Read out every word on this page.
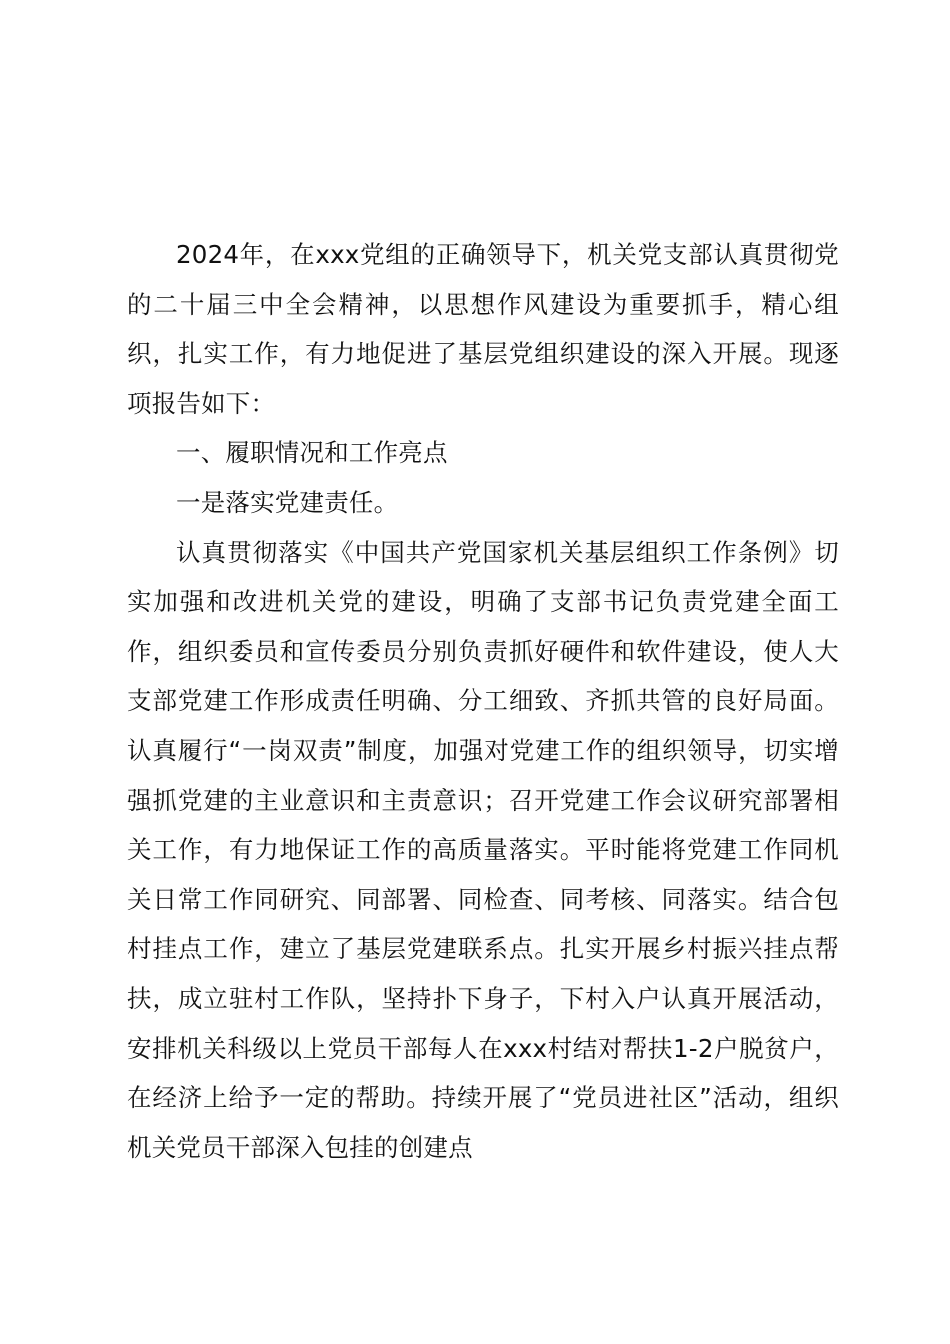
2024年，在xxx党组的正确领导下，机关党支部认真贯彻党的二十届三中全会精神，以思想作风建设为重要抓手，精心组织，扎实工作，有力地促进了基层党组织建设的深入开展。现逐项报告如下：

一、履职情况和工作亮点

一是落实党建责任。

认真贯彻落实《中国共产党国家机关基层组织工作条例》切实加强和改进机关党的建设，明确了支部书记负责党建全面工作，组织委员和宣传委员分别负责抓好硬件和软件建设，使人大支部党建工作形成责任明确、分工细致、齐抓共管的良好局面。认真履行“一岗双责”制度，加强对党建工作的组织领导，切实增强抓党建的主业意识和主责意识；召开党建工作会议研究部署相关工作，有力地保证工作的高质量落实。平时能将党建工作同机关日常工作同研究、同部署、同检查、同考核、同落实。结合包村挂点工作，建立了基层党建联系点。扎实开展乡村振兴挂点帮扶，成立驻村工作队，坚持扑下身子，下村入户认真开展活动，安排机关科级以上党员干部每人在xxx村结对帮扶1-2户脱贫户，在经济上给予一定的帮助。持续开展了“党员进社区”活动，组织机关党员干部深入包挂的创建点
